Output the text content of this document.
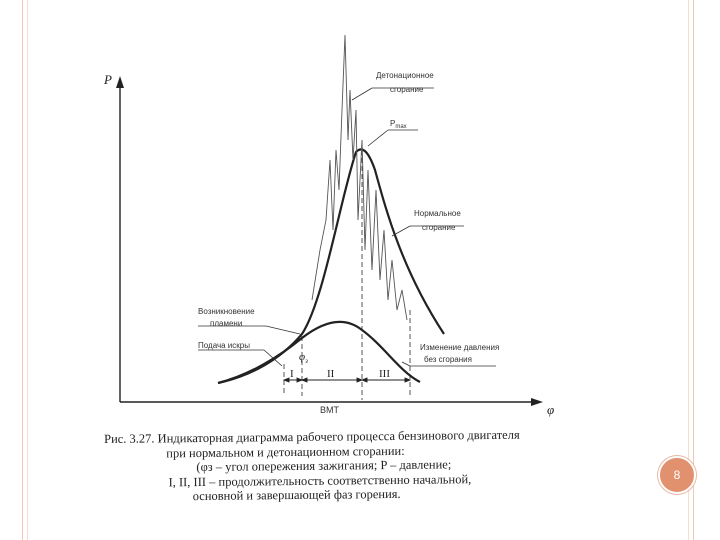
P
φ
ВМТ
I	II	III
$\varphi_з$
Детонационное
сгорание
$P_{max}$
Нормальное
сгорание
Возникновение
пламени
Подача искры	Изменение давления
без сгорания
Рис. 3.27. Индикаторная диаграмма рабочего процесса бензинового двигателя
при нормальном и детонационном сгорании:
(φз – угол опережения зажигания; P – давление;
I, II, III – продолжительность соответственно начальной,
основной и завершающей фаз горения.
8
